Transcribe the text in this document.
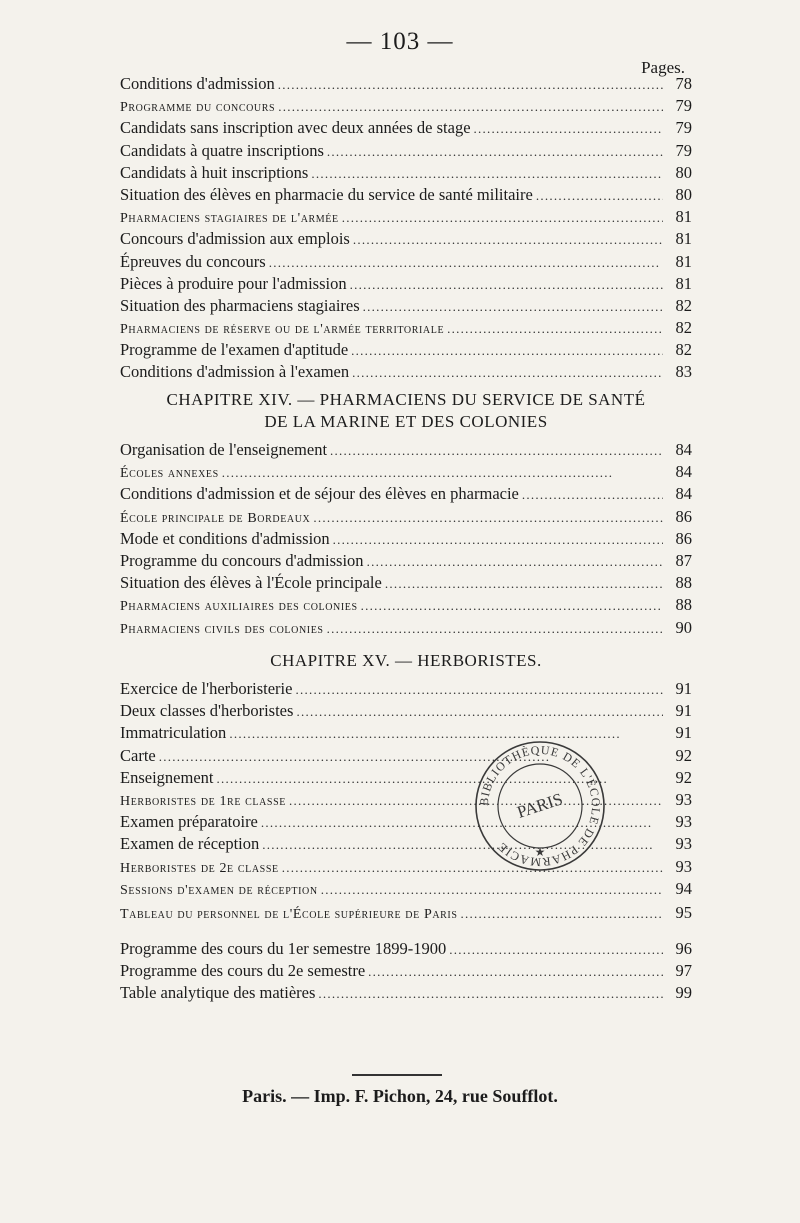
— 103 —
Pages.
Conditions d'admission . . .	78
Programme du concours . . .	79
Candidats sans inscription avec deux années de stage . . .	79
Candidats à quatre inscriptions . . .	79
Candidats à huit inscriptions . . .	80
Situation des élèves en pharmacie du service de santé militaire . . .	80
Pharmaciens stagiaires de l'armée . . .	81
Concours d'admission aux emplois . . .	81
Épreuves du concours . . .	81
Pièces à produire pour l'admission . . .	81
Situation des pharmaciens stagiaires . . .	82
Pharmaciens de réserve ou de l'armée territoriale . . .	82
Programme de l'examen d'aptitude . . .	82
Conditions d'admission à l'examen . . .	83
CHAPITRE XIV. — PHARMACIENS DU SERVICE DE SANTÉ
DE LA MARINE ET DES COLONIES
Organisation de l'enseignement . . .	84
Écoles annexes . . .	84
Conditions d'admission et de séjour des élèves en pharmacie . . .	84
École principale de Bordeaux . . .	86
Mode et conditions d'admission . . .	86
Programme du concours d'admission . . .	87
Situation des élèves à l'École principale . . .	88
Pharmaciens auxiliaires des colonies . . .	88
Pharmaciens civils des colonies . . .	90
CHAPITRE XV. — HERBORISTES.
Exercice de l'herboristerie . . .	91
Deux classes d'herboristes . . .	91
Immatriculation . . .	91
Carte . . .	92
Enseignement . . .	92
Herboristes de 1re classe . . .	93
Examen préparatoire . . .	93
Examen de réception . . .	93
Herboristes de 2e classe . . .	93
Sessions d'examen de réception . . .	94
Tableau du personnel de l'École supérieure de Paris . . .	95
Programme des cours du 1er semestre 1899-1900 . . .	96
Programme des cours du 2e semestre . . .	97
Table analytique des matières . . .	99
BIBLIOTHÈQUE DE L'ÉCOLE DE PHARMACIE
PARIS
★
Paris. — Imp. F. Pichon, 24, rue Soufflot.
